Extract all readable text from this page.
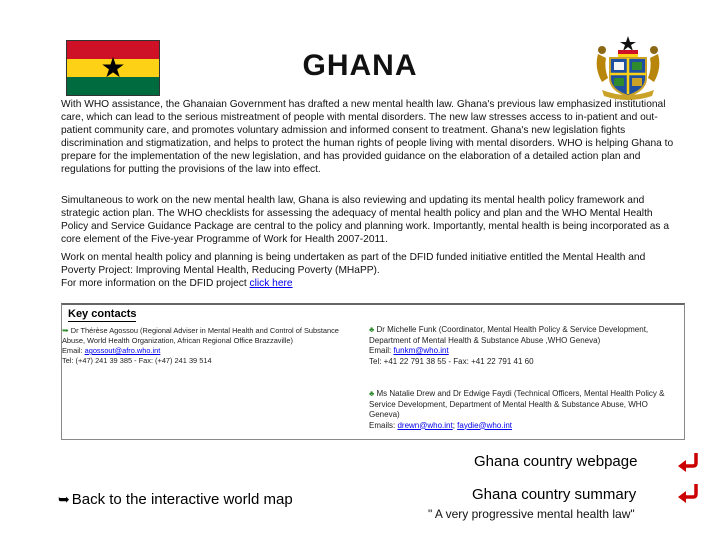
★	GHANA

With WHO assistance, the Ghanaian Government has drafted a new mental health law. Ghana's previous law emphasized institutional care, which can lead to the serious mistreatment of people with mental disorders. The new law stresses access to in-patient and out-patient community care, and promotes voluntary admission and informed consent to treatment. Ghana's new legislation fights discrimination and stigmatization, and helps to protect the human rights of people living with mental disorders. WHO is helping Ghana to prepare for the implementation of the new legislation, and has provided guidance on the elaboration of a detailed action plan and regulations for putting the provisions of the law into effect.

Simultaneous to work on the new mental health law, Ghana is also reviewing and updating its mental health policy framework and strategic action plan. The WHO checklists for assessing the adequacy of mental health policy and plan and the WHO Mental Health Policy and Service Guidance Package are central to the policy and planning work. Importantly, mental health is being incorporated as a core element of the Five-year Programme of Work for Health 2007-2011.

Work on mental health policy and planning is being undertaken as part of the DFID funded initiative entitled the Mental Health and Poverty Project: Improving Mental Health, Reducing Poverty (MHaPP).
For more information on the DFID project click here
Key contacts
➥ Dr Thérèse Agossou (Regional Adviser in Mental Health and Control of Substance Abuse, World Health Organization, African Regional Office Brazzaville)
Email: agossout@afro.who.int
Tel: (+47) 241 39 385 - Fax: (+47) 241 39 514
♣ Dr Michelle Funk (Coordinator, Mental Health Policy & Service Development, Department of Mental Health & Substance Abuse ,WHO Geneva)
Email: funkm@who.int
Tel: +41 22 791 38 55 - Fax: +41 22 791 41 60
♣ Ms Natalie Drew and Dr Edwige Faydi (Technical Officers, Mental Health Policy & Service Development, Department of Mental Health & Substance Abuse, WHO Geneva)
Emails: drewn@who.int; faydie@who.int
Ghana country webpage
Ghana country summary
➥ Back to the interactive world map
" A very progressive mental health law"
